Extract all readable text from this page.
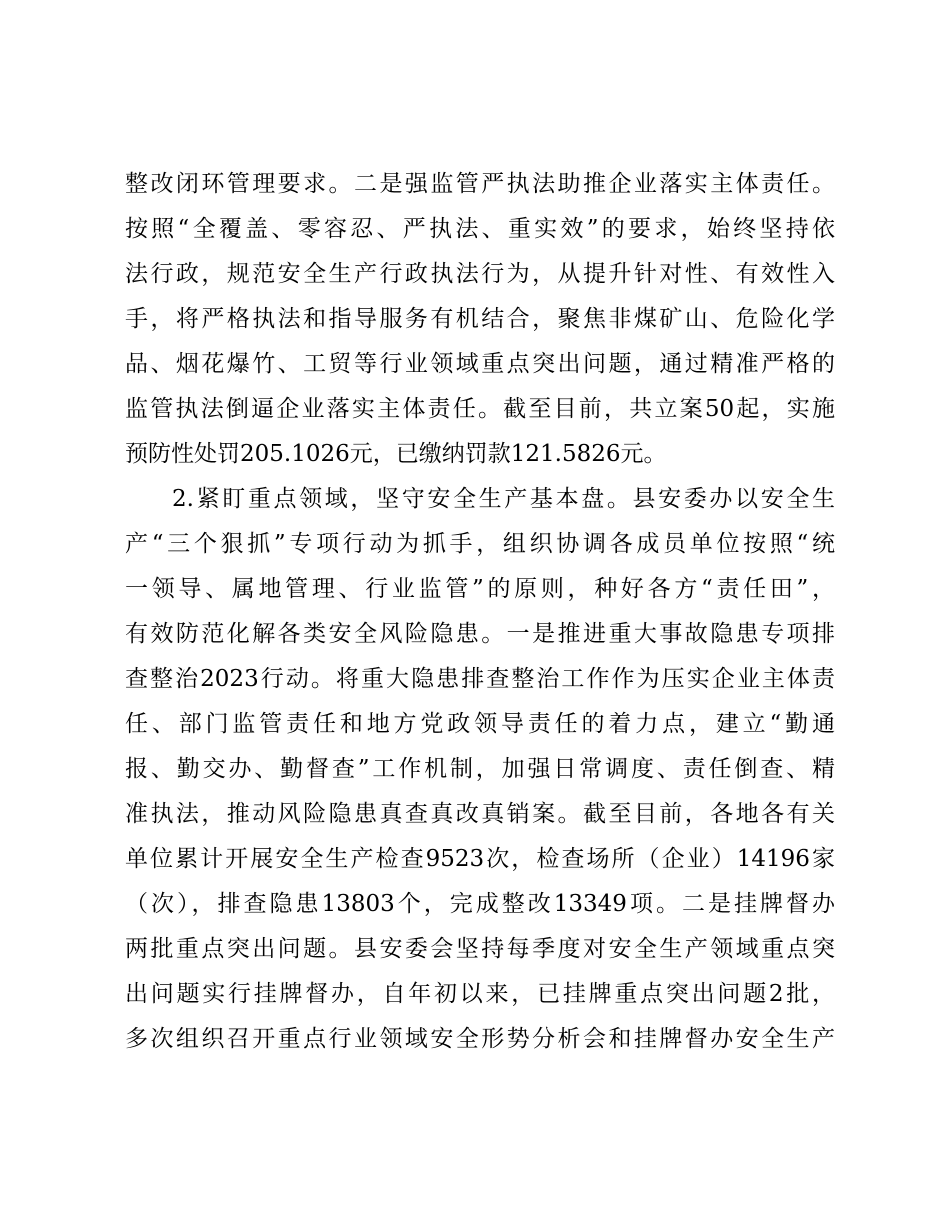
整改闭环管理要求。二是强监管严执法助推企业落实主体责任。
按照“全覆盖、零容忍、严执法、重实效”的要求，始终坚持依
法行政，规范安全生产行政执法行为，从提升针对性、有效性入
手，将严格执法和指导服务有机结合，聚焦非煤矿山、危险化学
品、烟花爆竹、工贸等行业领域重点突出问题，通过精准严格的
监管执法倒逼企业落实主体责任。截至目前，共立案50起，实施
预防性处罚205.1026元，已缴纳罚款121.5826元。
2.紧盯重点领域，坚守安全生产基本盘。县安委办以安全生
产“三个狠抓”专项行动为抓手，组织协调各成员单位按照“统
一领导、属地管理、行业监管”的原则，种好各方“责任田”，
有效防范化解各类安全风险隐患。一是推进重大事故隐患专项排
查整治2023行动。将重大隐患排查整治工作作为压实企业主体责
任、部门监管责任和地方党政领导责任的着力点，建立“勤通
报、勤交办、勤督查”工作机制，加强日常调度、责任倒查、精
准执法，推动风险隐患真查真改真销案。截至目前，各地各有关
单位累计开展安全生产检查9523次，检查场所（企业）14196家
（次），排查隐患13803个，完成整改13349项。二是挂牌督办
两批重点突出问题。县安委会坚持每季度对安全生产领域重点突
出问题实行挂牌督办，自年初以来，已挂牌重点突出问题2批，
多次组织召开重点行业领域安全形势分析会和挂牌督办安全生产
